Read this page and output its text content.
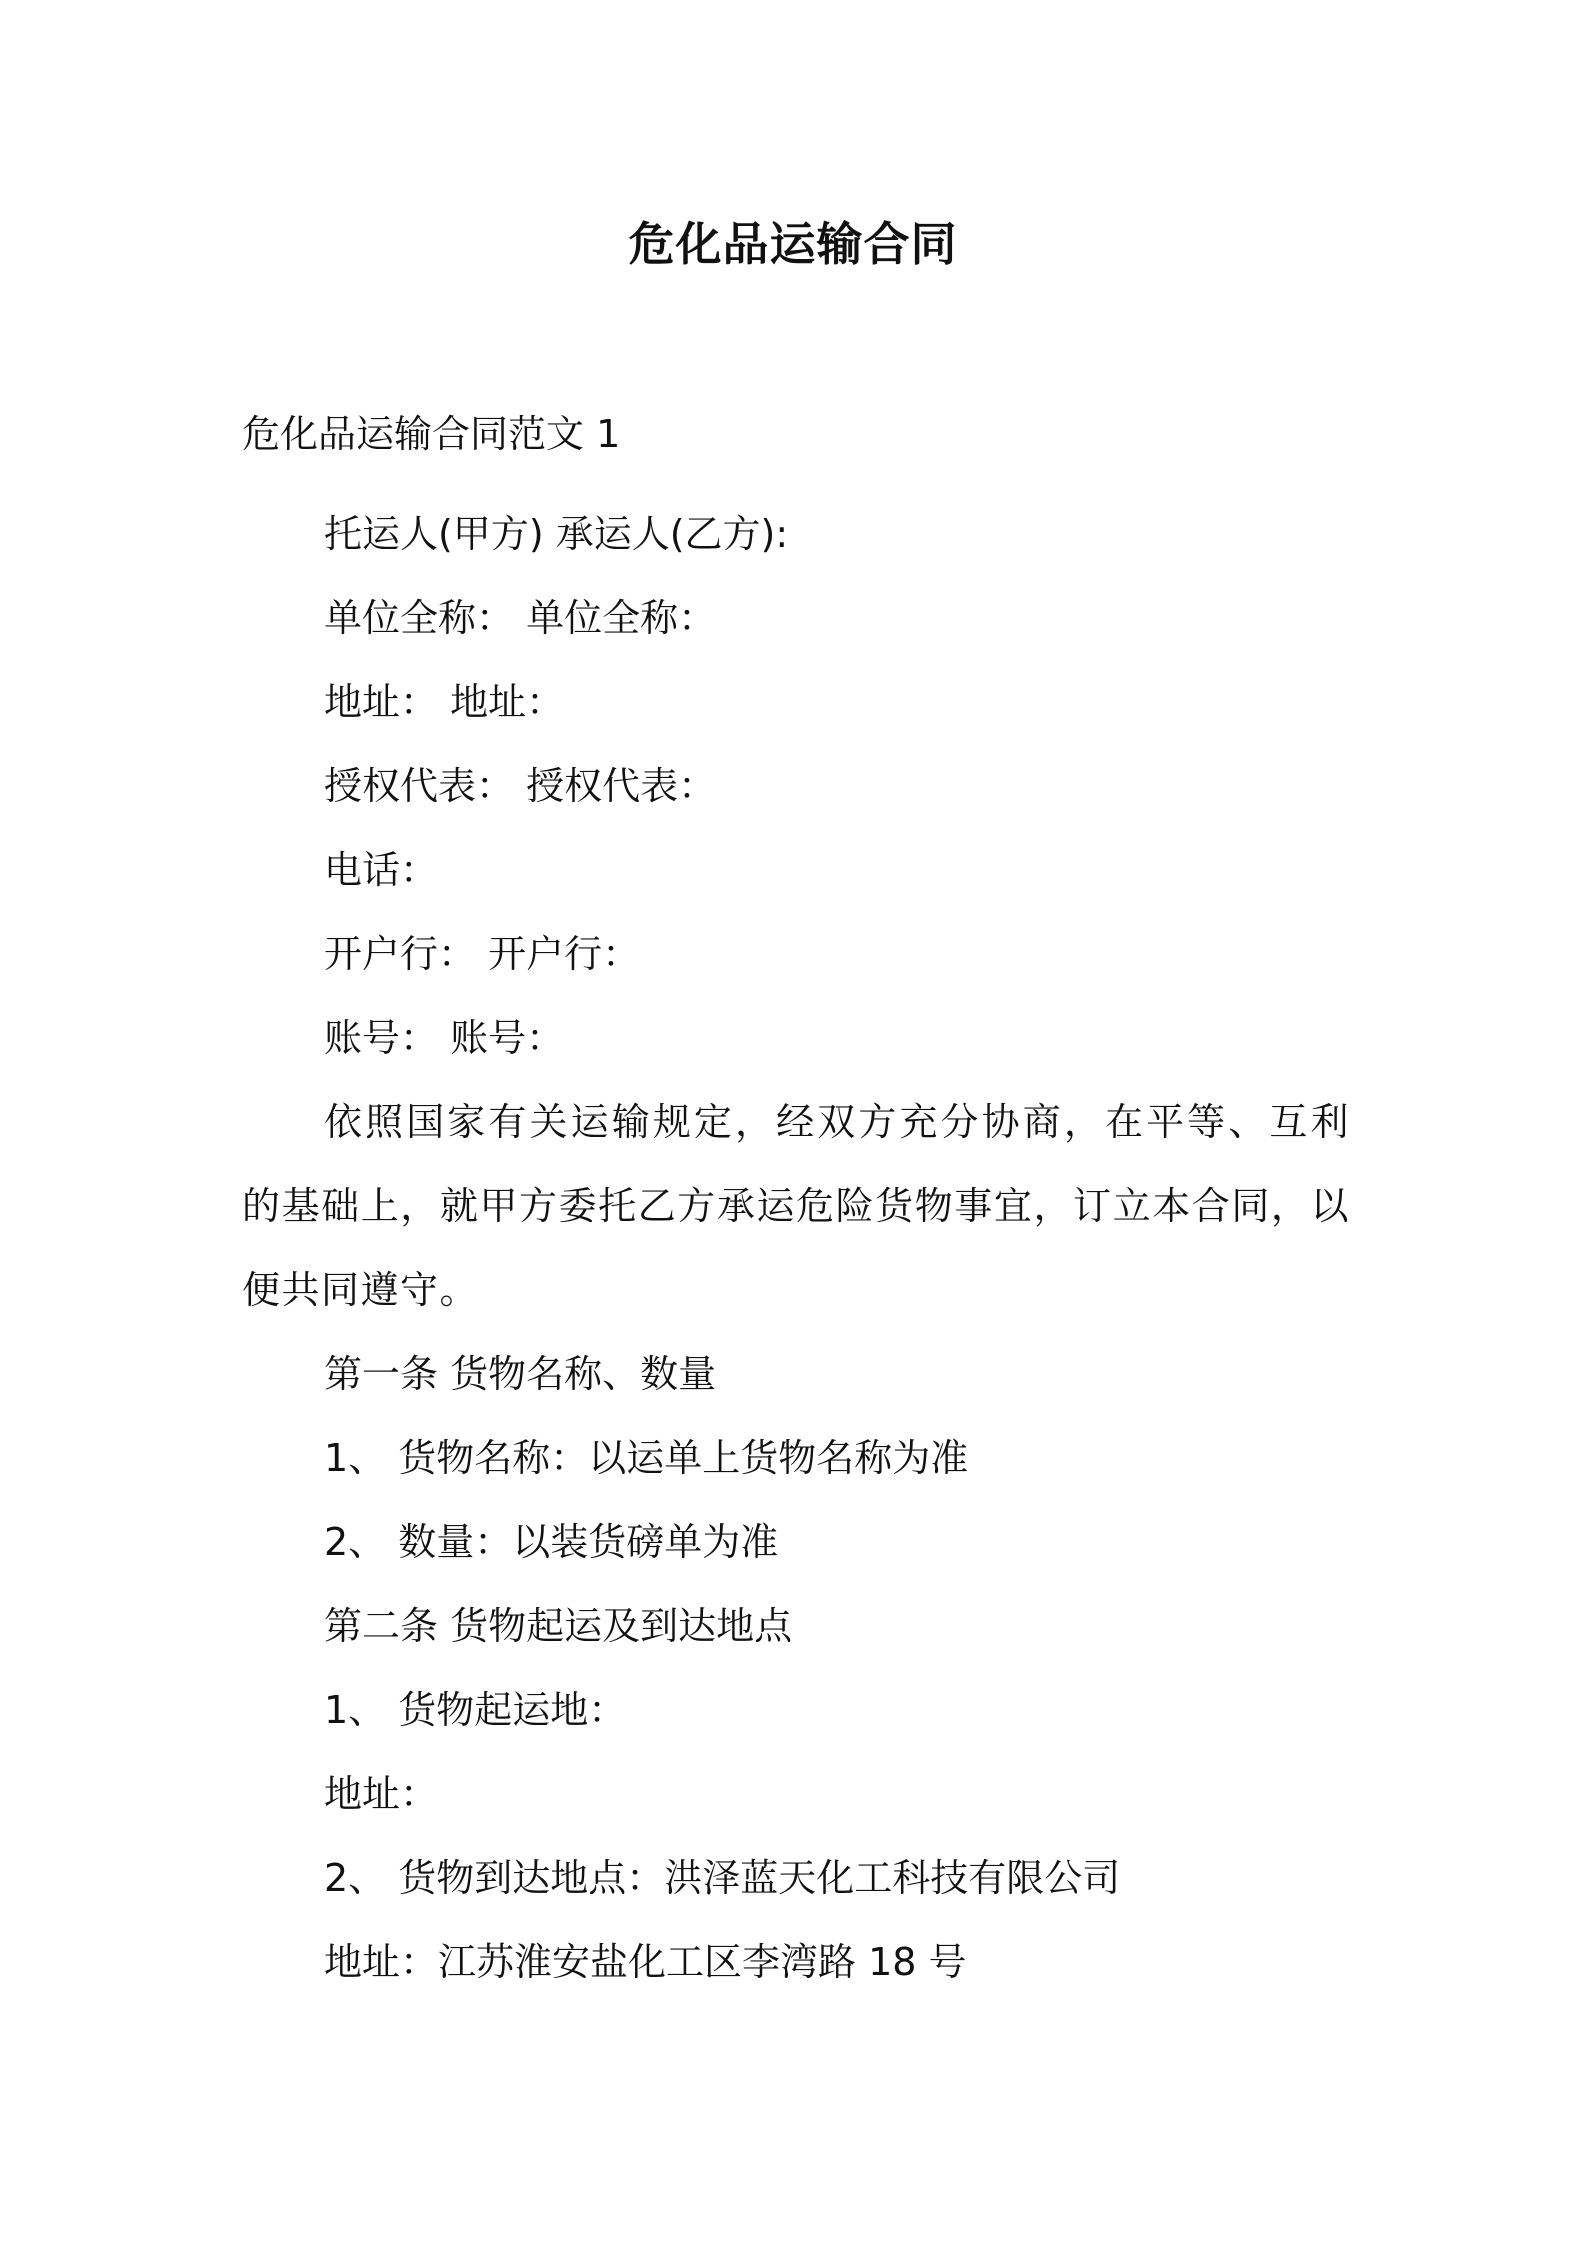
危化品运输合同
危化品运输合同范文 1
托运人(甲方) 承运人(乙方):
单位全称： 单位全称：
地址： 地址：
授权代表： 授权代表：
电话：
开户行： 开户行：
账号： 账号：
依照国家有关运输规定，经双方充分协商，在平等、互利的基础上，就甲方委托乙方承运危险货物事宜，订立本合同，以便共同遵守。
第一条 货物名称、数量
1、 货物名称：以运单上货物名称为准
2、 数量：以装货磅单为准
第二条 货物起运及到达地点
1、 货物起运地：
地址：
2、 货物到达地点：洪泽蓝天化工科技有限公司
地址：江苏淮安盐化工区李湾路 18 号
